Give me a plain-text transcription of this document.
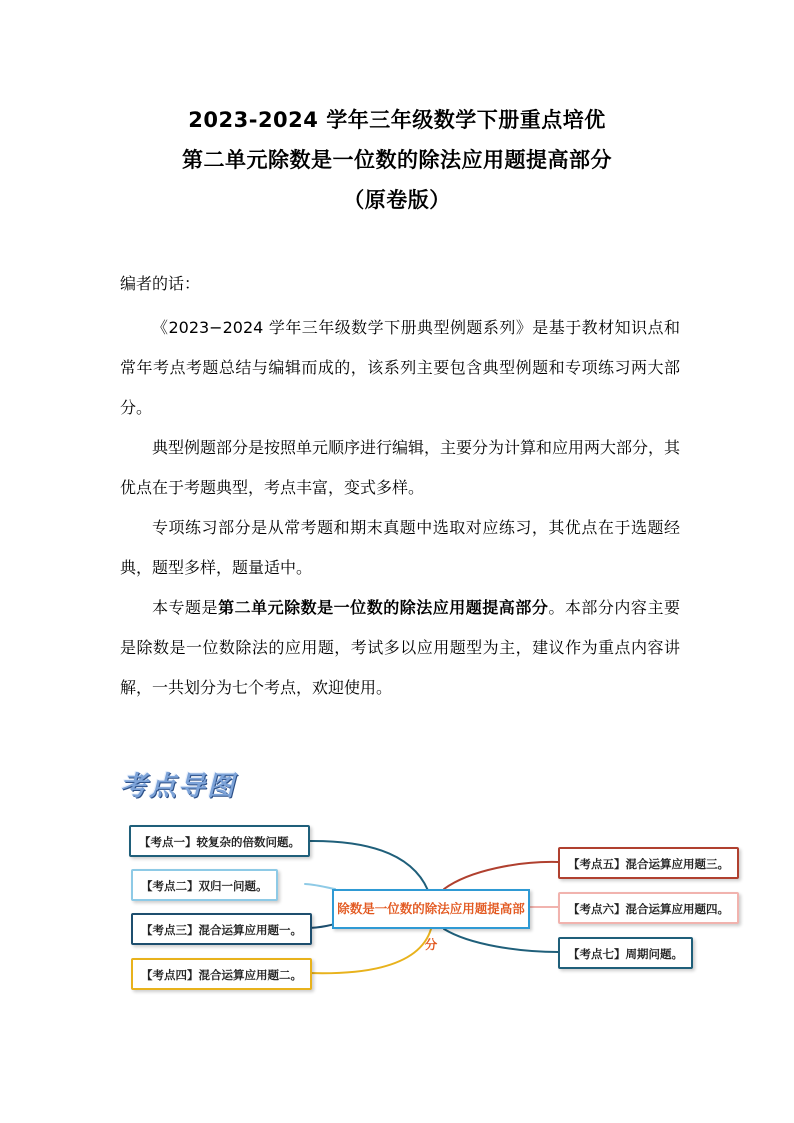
2023-2024 学年三年级数学下册重点培优
第二单元除数是一位数的除法应用题提高部分
（原卷版）
编者的话：
《2023−2024 学年三年级数学下册典型例题系列》是基于教材知识点和常年考点考题总结与编辑而成的，该系列主要包含典型例题和专项练习两大部分。
典型例题部分是按照单元顺序进行编辑，主要分为计算和应用两大部分，其优点在于考题典型，考点丰富，变式多样。
专项练习部分是从常考题和期末真题中选取对应练习，其优点在于选题经典，题型多样，题量适中。
本专题是第二单元除数是一位数的除法应用题提高部分。本部分内容主要是除数是一位数除法的应用题，考试多以应用题型为主，建议作为重点内容讲解，一共划分为七个考点，欢迎使用。
考点导图
【考点一】较复杂的倍数问题。
【考点二】双归一问题。
【考点三】混合运算应用题一。
【考点四】混合运算应用题二。
【考点五】混合运算应用题三。
【考点六】混合运算应用题四。
【考点七】周期问题。
除数是一位数的除法应用题提高部分
